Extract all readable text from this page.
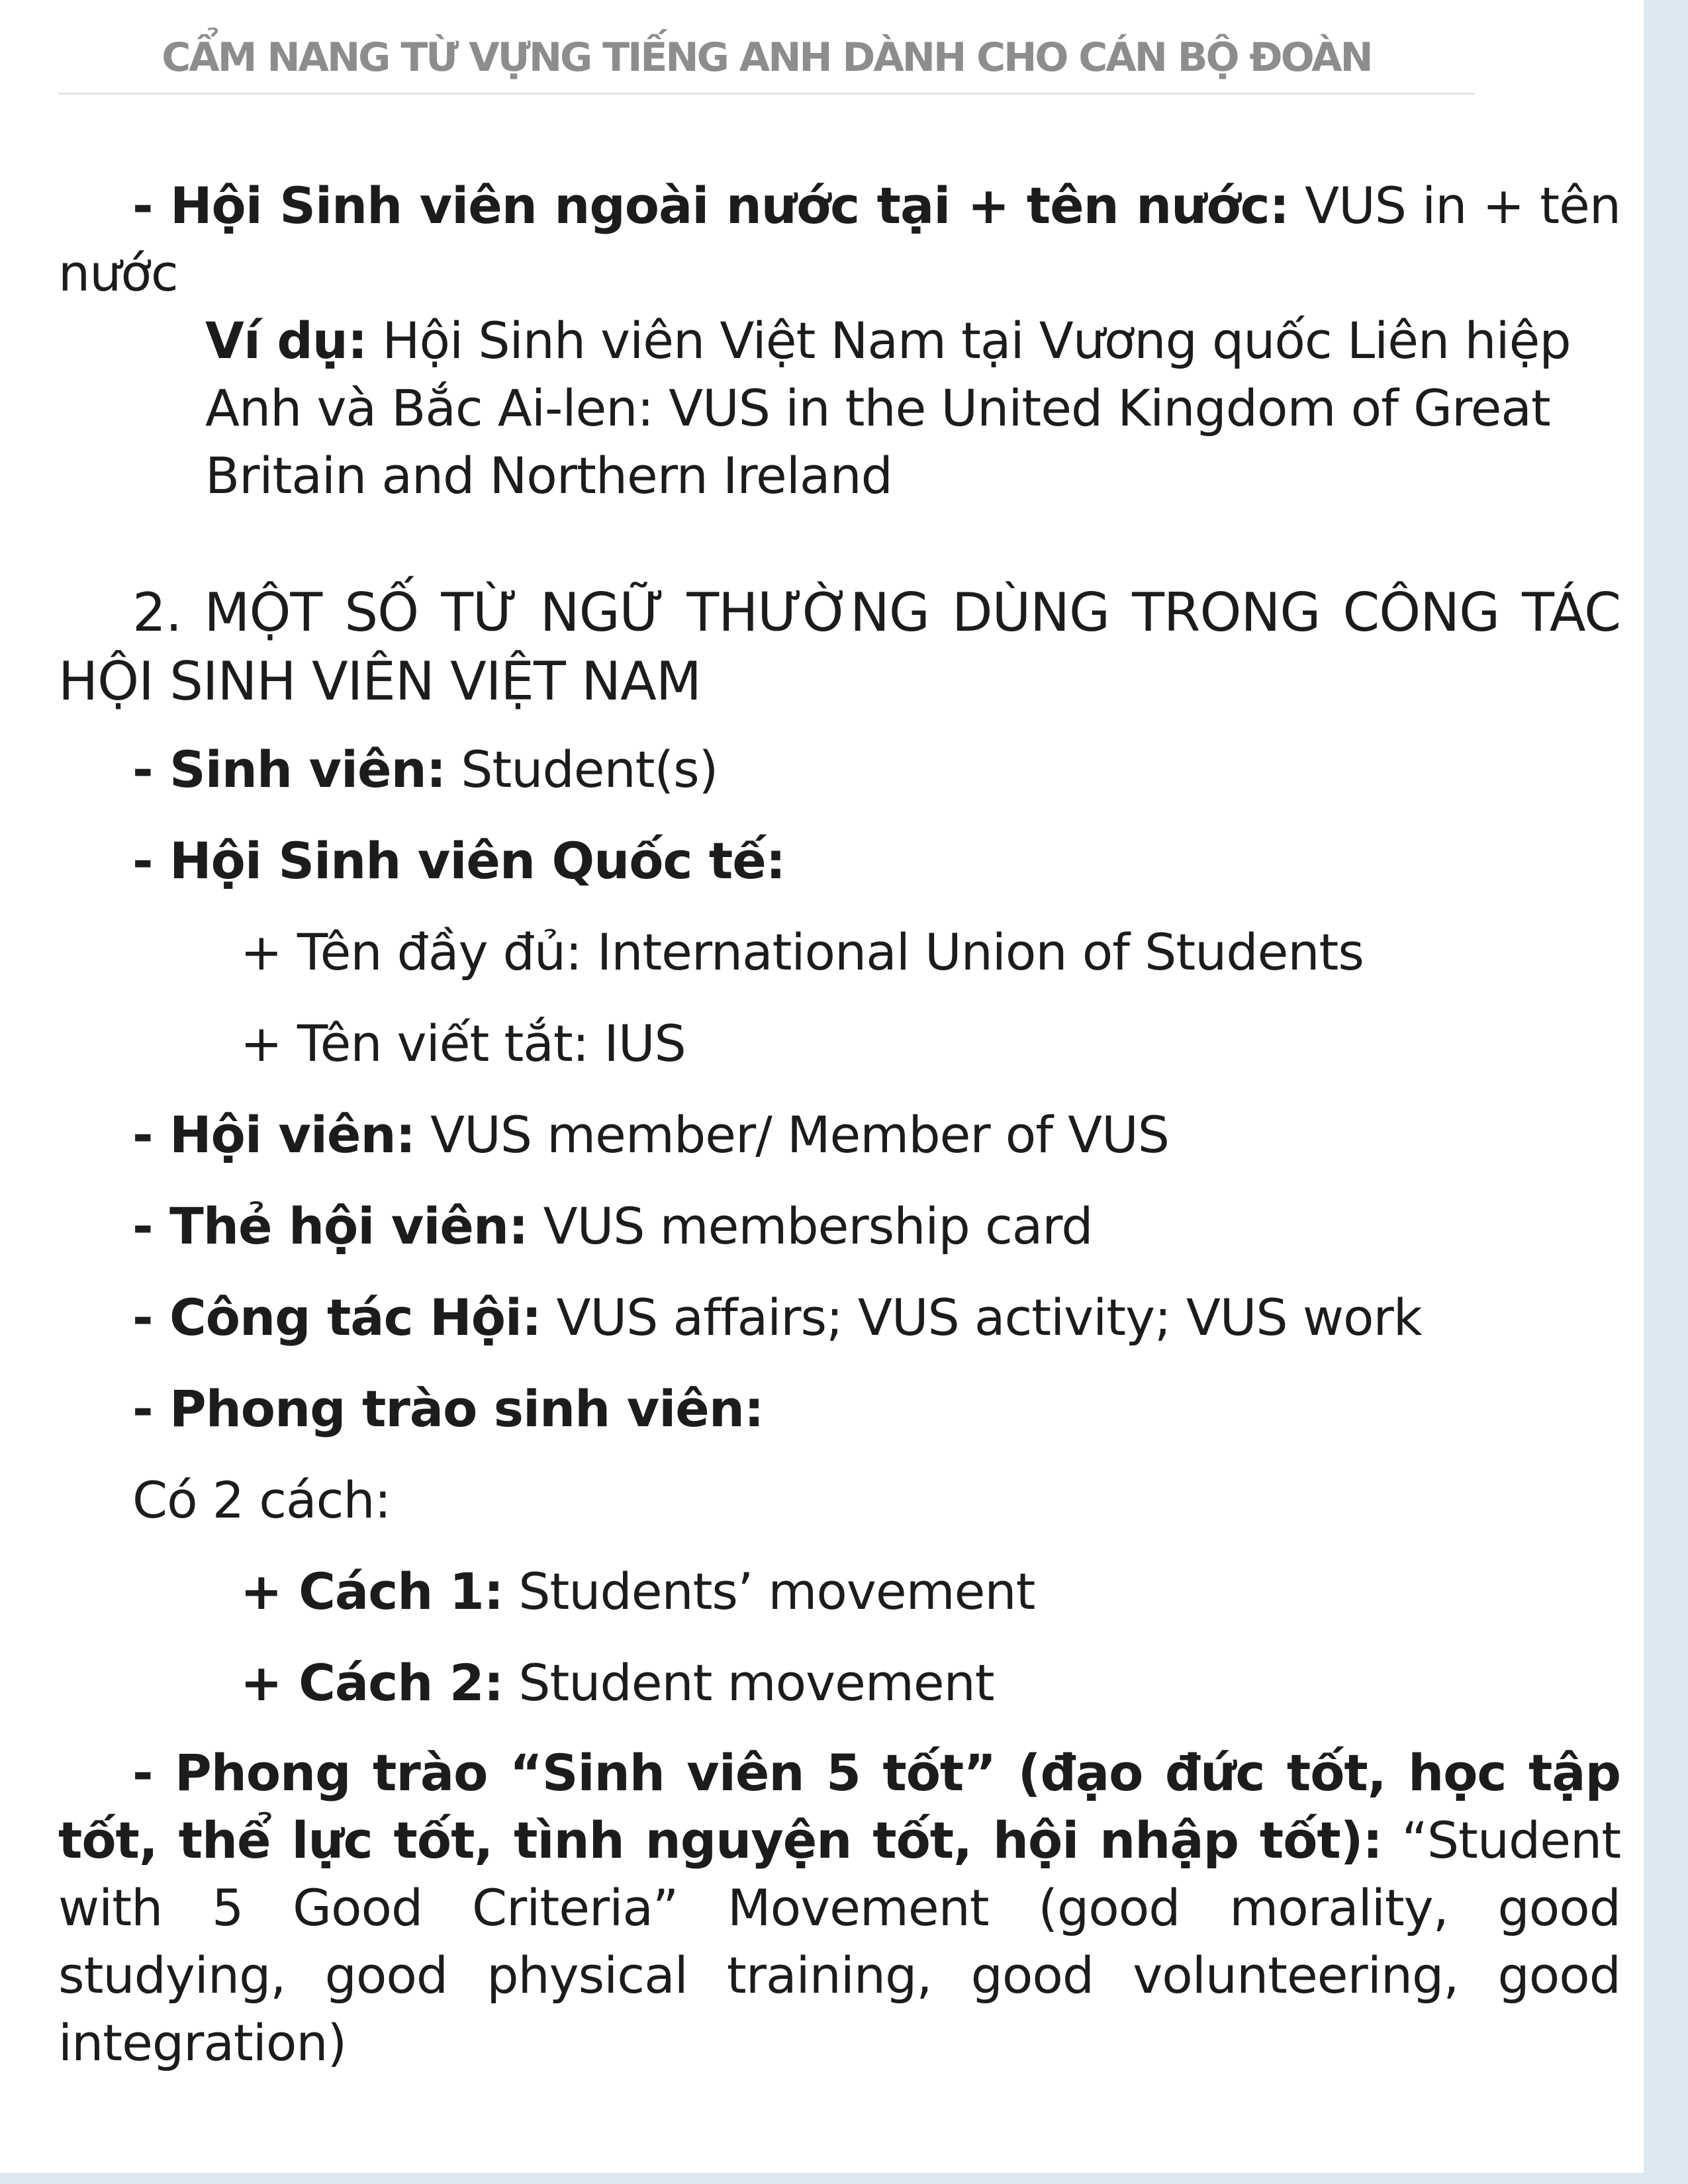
CẨM NANG TỪ VỰNG TIẾNG ANH DÀNH CHO CÁN BỘ ĐOÀN

- Hội Sinh viên ngoài nước tại + tên nước: VUS in + tên nước

Ví dụ: Hội Sinh viên Việt Nam tại Vương quốc Liên hiệp Anh và Bắc Ai-len: VUS in the United Kingdom of Great Britain and Northern Ireland

2. MỘT SỐ TỪ NGỮ THƯỜNG DÙNG TRONG CÔNG TÁC HỘI SINH VIÊN VIỆT NAM

- Sinh viên: Student(s)
- Hội Sinh viên Quốc tế:
+ Tên đầy đủ: International Union of Students
+ Tên viết tắt: IUS
- Hội viên: VUS member/ Member of VUS
- Thẻ hội viên: VUS membership card
- Công tác Hội: VUS affairs; VUS activity; VUS work
- Phong trào sinh viên:
Có 2 cách:
+ Cách 1: Students’ movement
+ Cách 2: Student movement

- Phong trào “Sinh viên 5 tốt” (đạo đức tốt, học tập tốt, thể lực tốt, tình nguyện tốt, hội nhập tốt): “Student with 5 Good Criteria” Movement (good morality, good studying, good physical training, good volunteering, good integration)
